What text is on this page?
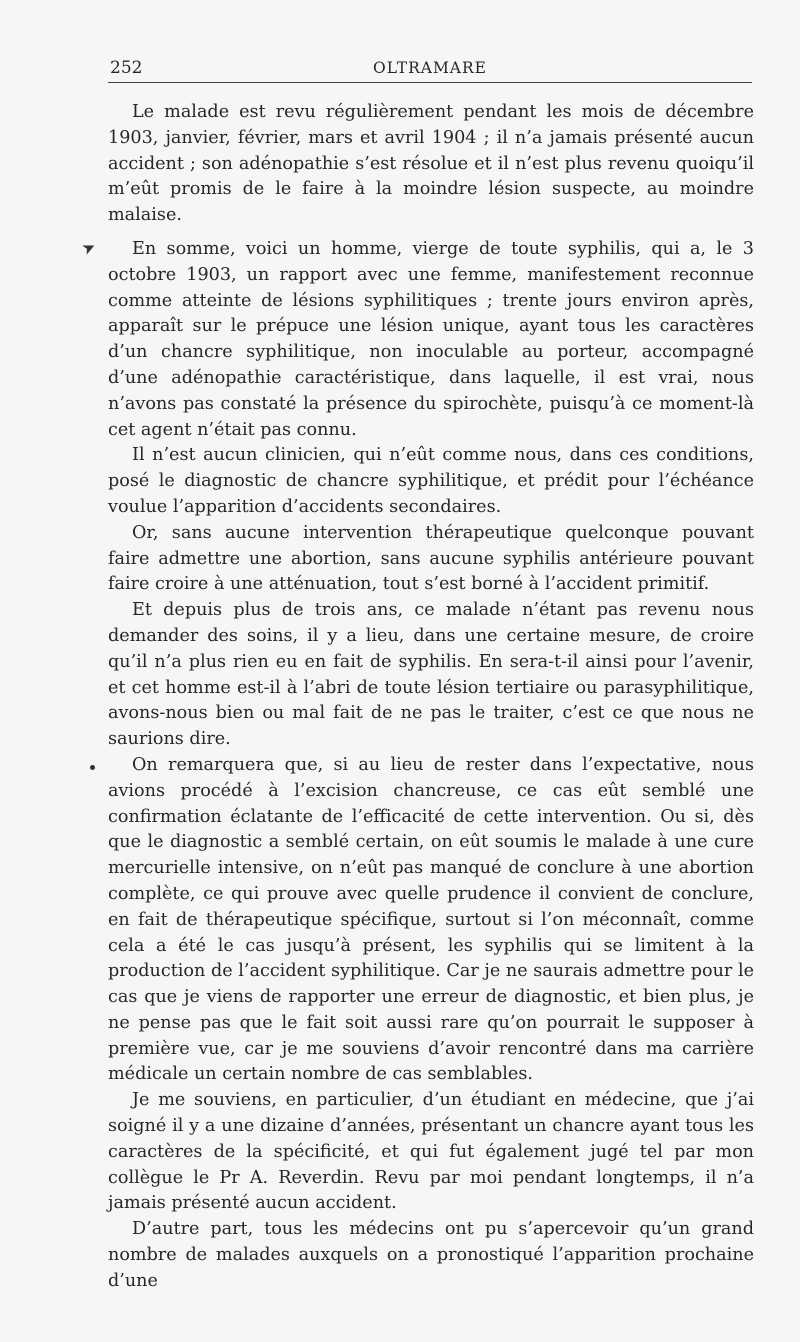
252	OLTRAMARE
➤

Le malade est revu régulièrement pendant les mois de décembre 1903, janvier, février, mars et avril 1904 ; il n’a jamais présenté aucun accident ; son adénopathie s’est résolue et il n’est plus revenu quoiqu’il m’eût promis de le faire à la moindre lésion suspecte, au moindre malaise.

En somme, voici un homme, vierge de toute syphilis, qui a, le 3 octobre 1903, un rapport avec une femme, manifestement reconnue comme atteinte de lésions syphilitiques ; trente jours environ après, apparaît sur le prépuce une lésion unique, ayant tous les caractères d’un chancre syphilitique, non inoculable au porteur, accompagné d’une adénopathie caractéristique, dans laquelle, il est vrai, nous n’avons pas constaté la présence du spirochète, puisqu’à ce moment-là cet agent n’était pas connu.

Il n’est aucun clinicien, qui n’eût comme nous, dans ces conditions, posé le diagnostic de chancre syphilitique, et prédit pour l’échéance voulue l’apparition d’accidents secondaires.

Or, sans aucune intervention thérapeutique quelconque pouvant faire admettre une abortion, sans aucune syphilis antérieure pouvant faire croire à une atténuation, tout s’est borné à l’accident primitif.

Et depuis plus de trois ans, ce malade n’étant pas revenu nous demander des soins, il y a lieu, dans une certaine mesure, de croire qu’il n’a plus rien eu en fait de syphilis. En sera-t-il ainsi pour l’avenir, et cet homme est-il à l’abri de toute lésion tertiaire ou parasyphilitique, avons-nous bien ou mal fait de ne pas le traiter, c’est ce que nous ne saurions dire.

On remarquera que, si au lieu de rester dans l’expectative, nous avions procédé à l’excision chancreuse, ce cas eût semblé une confirmation éclatante de l’efficacité de cette intervention. Ou si, dès que le diagnostic a semblé certain, on eût soumis le malade à une cure mercurielle intensive, on n’eût pas manqué de conclure à une abortion complète, ce qui prouve avec quelle prudence il convient de conclure, en fait de thérapeutique spécifique, surtout si l’on méconnaît, comme cela a été le cas jusqu’à présent, les syphilis qui se limitent à la production de l’accident syphilitique. Car je ne saurais admettre pour le cas que je viens de rapporter une erreur de diagnostic, et bien plus, je ne pense pas que le fait soit aussi rare qu’on pourrait le supposer à première vue, car je me souviens d’avoir rencontré dans ma carrière médicale un certain nombre de cas semblables.

Je me souviens, en particulier, d’un étudiant en médecine, que j’ai soigné il y a une dizaine d’années, présentant un chancre ayant tous les caractères de la spécificité, et qui fut également jugé tel par mon collègue le Pr A. Reverdin. Revu par moi pendant longtemps, il n’a jamais présenté aucun accident.

D’autre part, tous les médecins ont pu s’apercevoir qu’un grand nombre de malades auxquels on a pronostiqué l’apparition prochaine d’une
